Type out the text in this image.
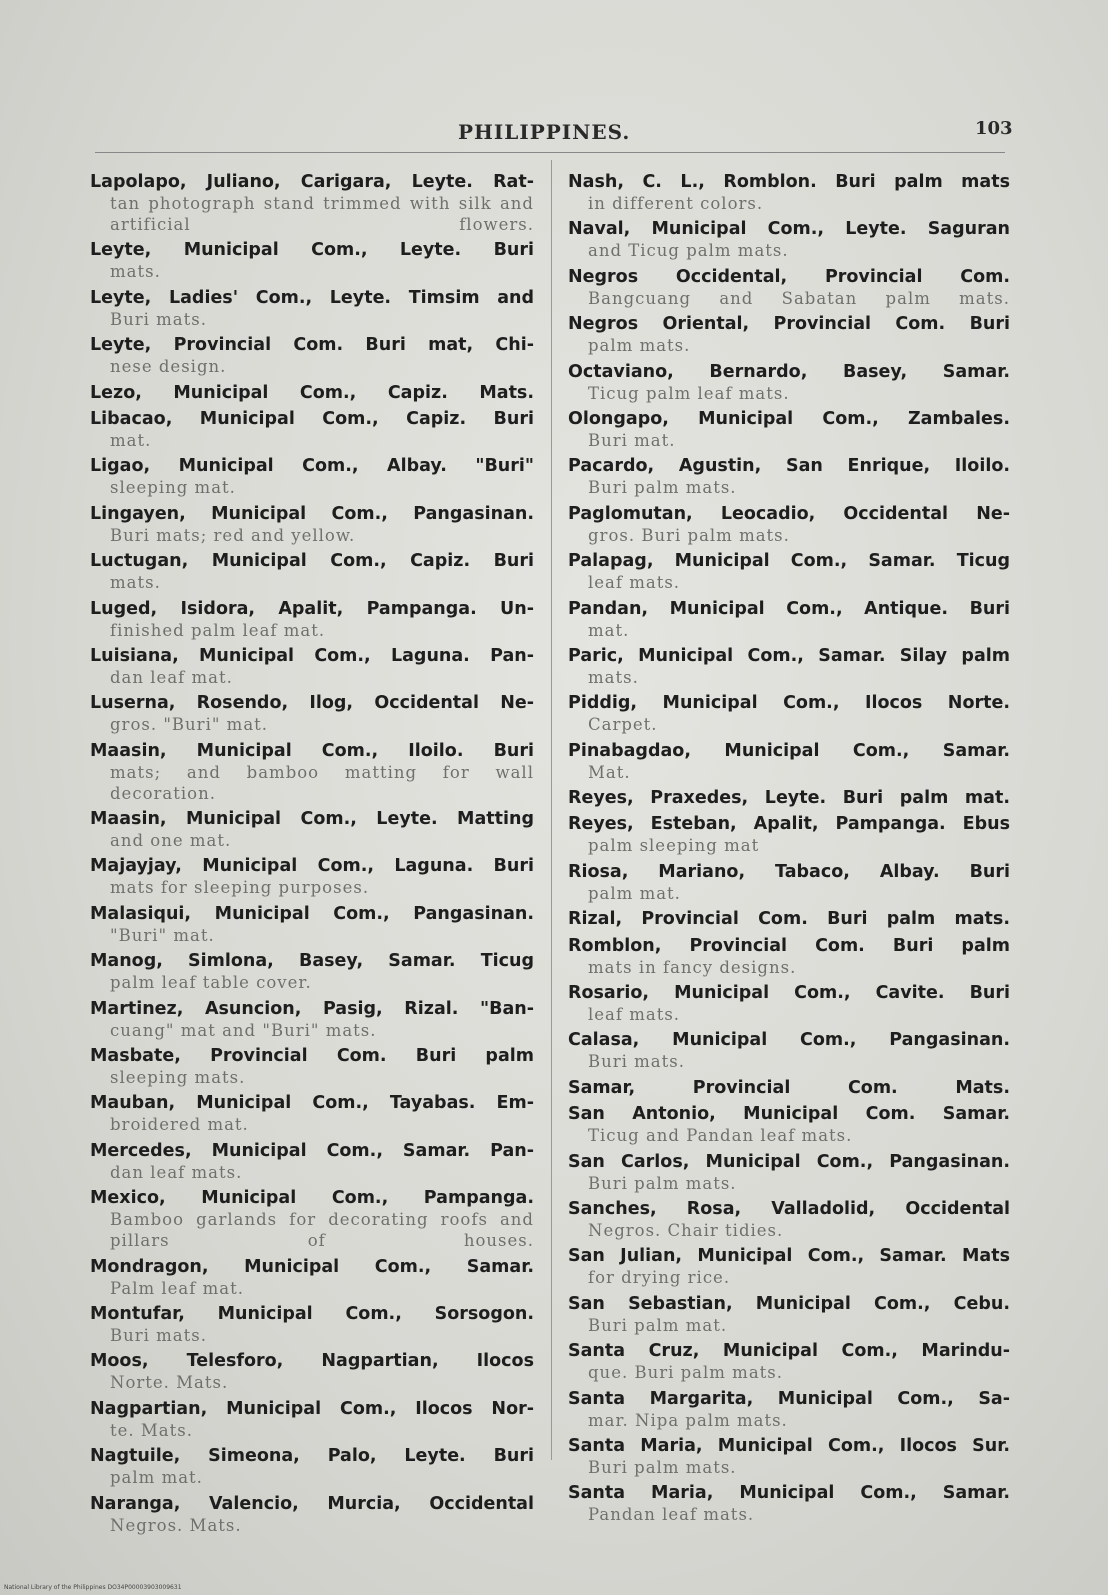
PHILIPPINES.	103
Lapolapo, Juliano, Carigara, Leyte. Rat-
tan photograph stand trimmed with silk and artificial flowers.
Leyte, Municipal Com., Leyte. Buri
mats.
Leyte, Ladies' Com., Leyte. Timsim and
Buri mats.
Leyte, Provincial Com. Buri mat, Chi-
nese design.
Lezo, Municipal Com., Capiz. Mats.
Libacao, Municipal Com., Capiz. Buri
mat.
Ligao, Municipal Com., Albay. "Buri"
sleeping mat.
Lingayen, Municipal Com., Pangasinan.
Buri mats; red and yellow.
Luctugan, Municipal Com., Capiz. Buri
mats.
Luged, Isidora, Apalit, Pampanga. Un-
finished palm leaf mat.
Luisiana, Municipal Com., Laguna. Pan-
dan leaf mat.
Luserna, Rosendo, Ilog, Occidental Ne-
gros. "Buri" mat.
Maasin, Municipal Com., Iloilo. Buri
mats; and bamboo matting for wall decoration.
Maasin, Municipal Com., Leyte. Matting
and one mat.
Majayjay, Municipal Com., Laguna. Buri
mats for sleeping purposes.
Malasiqui, Municipal Com., Pangasinan.
"Buri" mat.
Manog, Simlona, Basey, Samar. Ticug
palm leaf table cover.
Martinez, Asuncion, Pasig, Rizal. "Ban-
cuang" mat and "Buri" mats.
Masbate, Provincial Com. Buri palm
sleeping mats.
Mauban, Municipal Com., Tayabas. Em-
broidered mat.
Mercedes, Municipal Com., Samar. Pan-
dan leaf mats.
Mexico, Municipal Com., Pampanga.
Bamboo garlands for decorating roofs and pillars of houses.
Mondragon, Municipal Com., Samar.
Palm leaf mat.
Montufar, Municipal Com., Sorsogon.
Buri mats.
Moos, Telesforo, Nagpartian, Ilocos
Norte. Mats.
Nagpartian, Municipal Com., Ilocos Nor-
te. Mats.
Nagtuile, Simeona, Palo, Leyte. Buri
palm mat.
Naranga, Valencio, Murcia, Occidental
Negros. Mats.
Nash, C. L., Romblon. Buri palm mats
in different colors.
Naval, Municipal Com., Leyte. Saguran
and Ticug palm mats.
Negros Occidental, Provincial Com.
Bangcuang and Sabatan palm mats.
Negros Oriental, Provincial Com. Buri
palm mats.
Octaviano, Bernardo, Basey, Samar.
Ticug palm leaf mats.
Olongapo, Municipal Com., Zambales.
Buri mat.
Pacardo, Agustin, San Enrique, Iloilo.
Buri palm mats.
Paglomutan, Leocadio, Occidental Ne-
gros. Buri palm mats.
Palapag, Municipal Com., Samar. Ticug
leaf mats.
Pandan, Municipal Com., Antique. Buri
mat.
Paric, Municipal Com., Samar. Silay palm
mats.
Piddig, Municipal Com., Ilocos Norte.
Carpet.
Pinabagdao, Municipal Com., Samar.
Mat.
Reyes, Praxedes, Leyte. Buri palm mat.
Reyes, Esteban, Apalit, Pampanga. Ebus
palm sleeping mat
Riosa, Mariano, Tabaco, Albay. Buri
palm mat.
Rizal, Provincial Com. Buri palm mats.
Romblon, Provincial Com. Buri palm
mats in fancy designs.
Rosario, Municipal Com., Cavite. Buri
leaf mats.
Calasa, Municipal Com., Pangasinan.
Buri mats.
Samar, Provincial Com. Mats.
San Antonio, Municipal Com. Samar.
Ticug and Pandan leaf mats.
San Carlos, Municipal Com., Pangasinan.
Buri palm mats.
Sanches, Rosa, Valladolid, Occidental
Negros. Chair tidies.
San Julian, Municipal Com., Samar. Mats
for drying rice.
San Sebastian, Municipal Com., Cebu.
Buri palm mat.
Santa Cruz, Municipal Com., Marindu-
que. Buri palm mats.
Santa Margarita, Municipal Com., Sa-
mar. Nipa palm mats.
Santa Maria, Municipal Com., Ilocos Sur.
Buri palm mats.
Santa Maria, Municipal Com., Samar.
Pandan leaf mats.
National Library of the Philippines DO34P00003903009631
